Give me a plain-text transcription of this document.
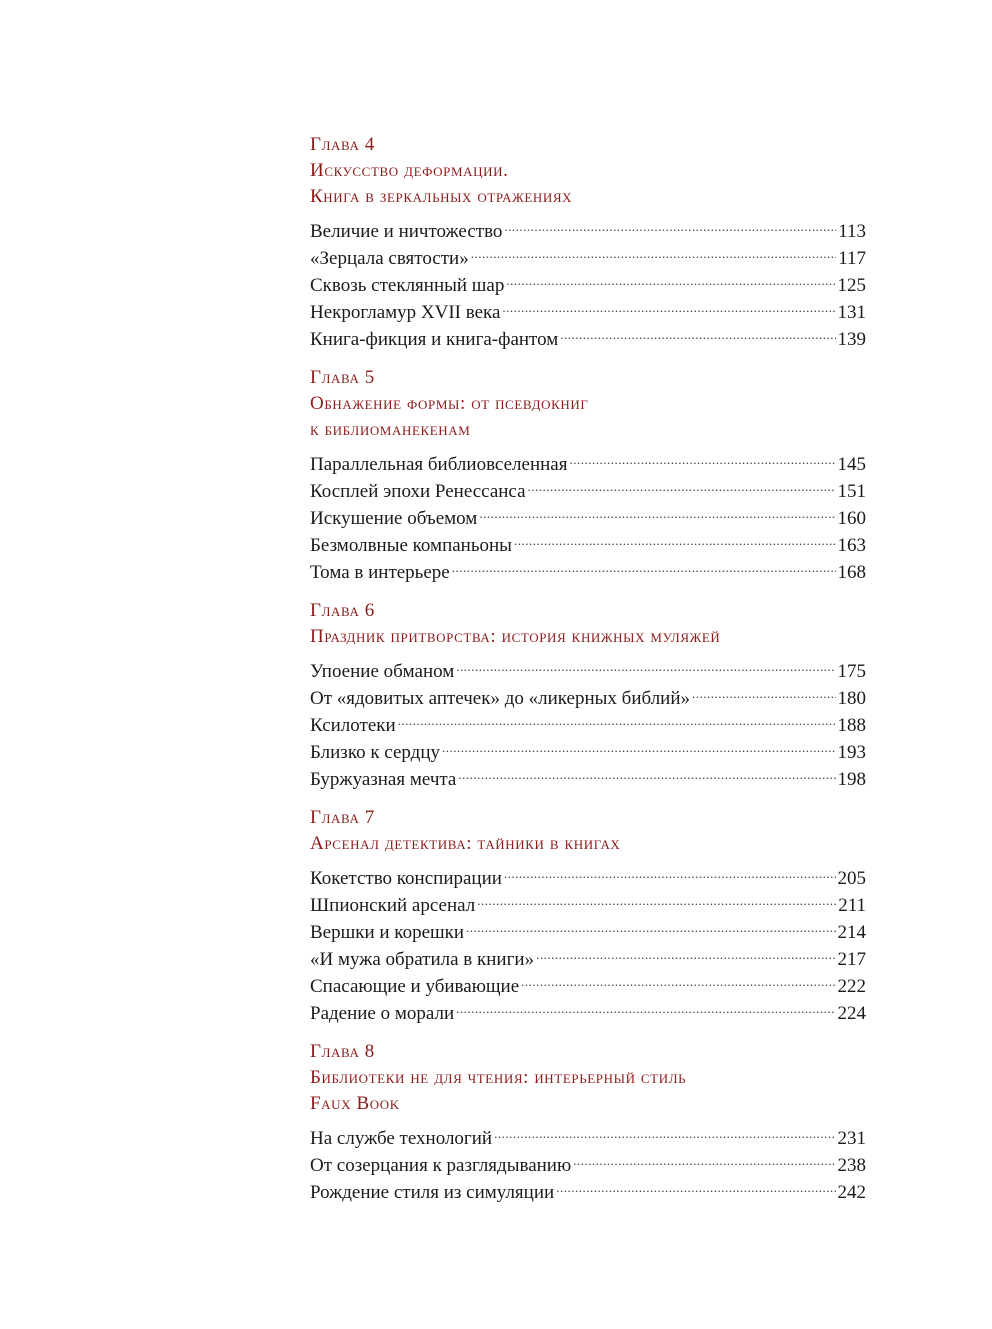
Глава 4
Искусство деформации.
Книга в зеркальных отражениях
Величие и ничтожество .....	113
«Зерцала святости» .....	117
Сквозь стеклянный шар .....	125
Некрогламур XVII века .....	131
Книга-фикция и книга-фантом .....	139
Глава 5
Обнажение формы: от псевдокниг
к библиоманекенам
Параллельная библиовселенная .....	145
Косплей эпохи Ренессанса .....	151
Искушение объемом .....	160
Безмолвные компаньоны .....	163
Тома в интерьере .....	168
Глава 6
Праздник притворства: история книжных муляжей
Упоение обманом .....	175
От «ядовитых аптечек» до «ликерных библий» .....	180
Ксилотеки .....	188
Близко к сердцу .....	193
Буржуазная мечта .....	198
Глава 7
Арсенал детектива: тайники в книгах
Кокетство конспирации .....	205
Шпионский арсенал .....	211
Вершки и корешки .....	214
«И мужа обратила в книги» .....	217
Спасающие и убивающие .....	222
Радение о морали .....	224
Глава 8
Библиотеки не для чтения: интерьерный стиль
Faux Book
На службе технологий .....	231
От созерцания к разглядыванию .....	238
Рождение стиля из симуляции .....	242
